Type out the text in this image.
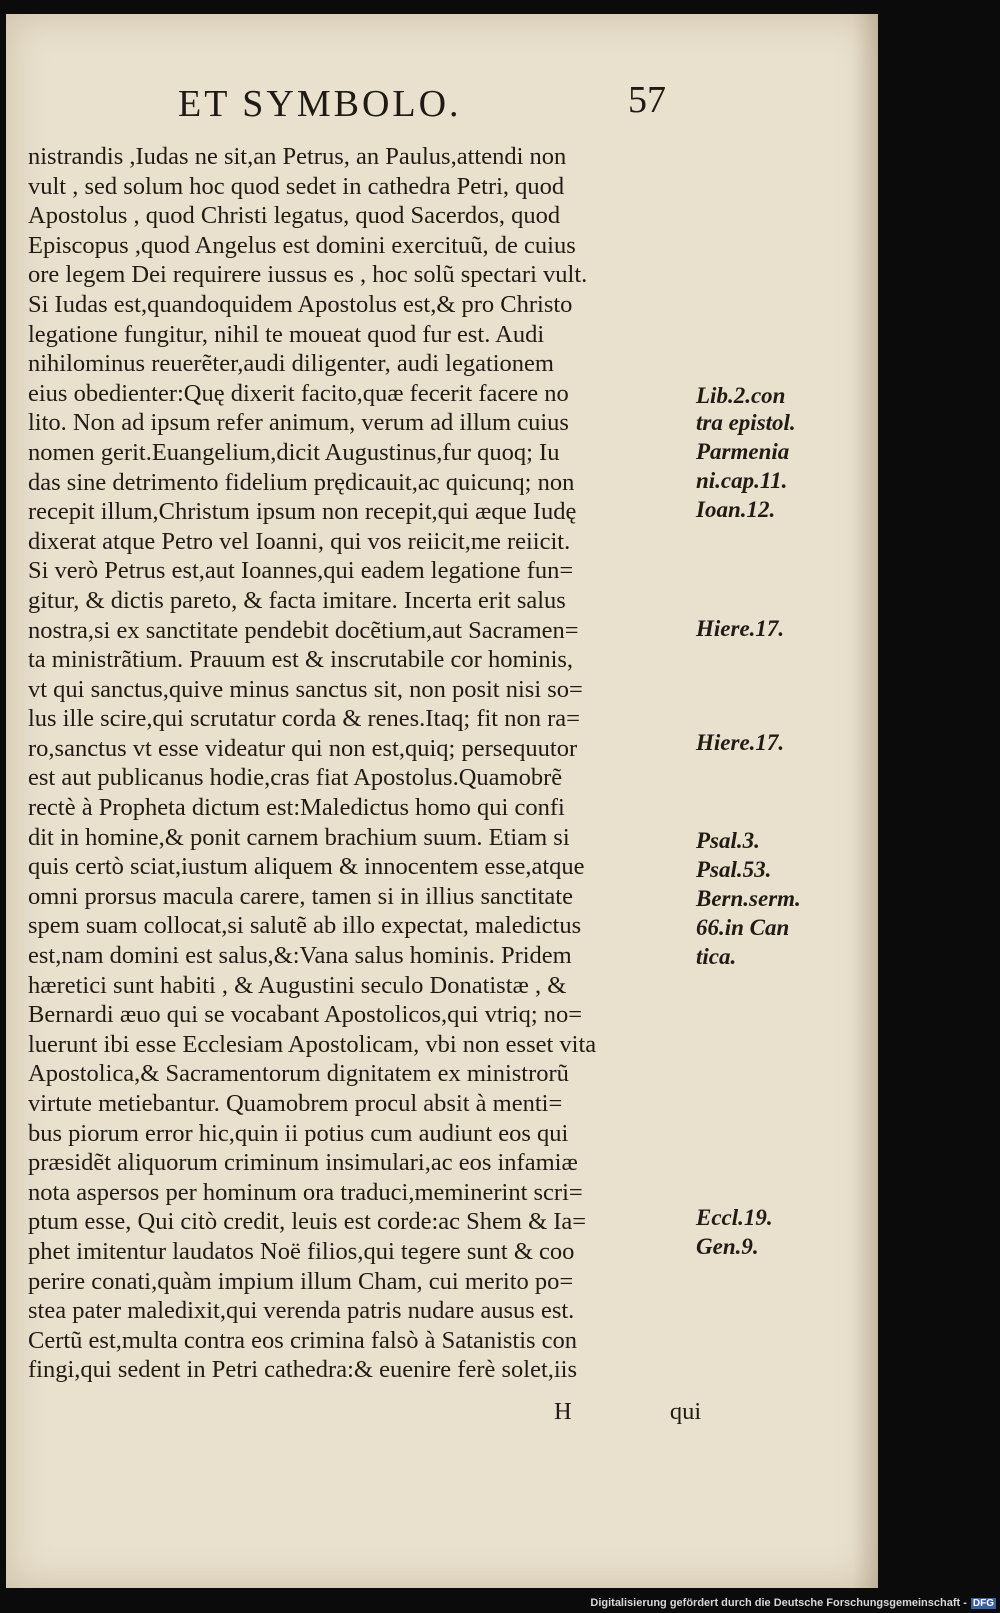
ET SYMBOLO.	57
nistrandis ,Iudas ne sit,an Petrus, an Paulus,attendi non
vult , sed solum hoc quod sedet in cathedra Petri, quod
Apostolus , quod Christi legatus, quod Sacerdos, quod
Episcopus ,quod Angelus est domini exercituũ, de cuius
ore legem Dei requirere iussus es , hoc solũ spectari vult.
Si Iudas est,quandoquidem Apostolus est,& pro Christo
legatione fungitur, nihil te moueat quod fur est. Audi
nihilominus reuerẽter,audi diligenter, audi legationem
eius obedienter:Quę dixerit facito,quæ fecerit facere no
lito. Non ad ipsum refer animum, verum ad illum cuius
nomen gerit.Euangelium,dicit Augustinus,fur quoq; Iu
das sine detrimento fidelium prędicauit,ac quicunq; non
recepit illum,Christum ipsum non recepit,qui æque Iudę
dixerat atque Petro vel Ioanni, qui vos reiicit,me reiicit.
Si verò Petrus est,aut Ioannes,qui eadem legatione fun=
gitur, & dictis pareto, & facta imitare. Incerta erit salus
nostra,si ex sanctitate pendebit docẽtium,aut Sacramen=
ta ministrãtium. Prauum est & inscrutabile cor hominis,
vt qui sanctus,quive minus sanctus sit, non posit nisi so=
lus ille scire,qui scrutatur corda & renes.Itaq; fit non ra=
ro,sanctus vt esse videatur qui non est,quiq; persequutor
est aut publicanus hodie,cras fiat Apostolus.Quamobrẽ
rectè à Propheta dictum est:Maledictus homo qui confi
dit in homine,& ponit carnem brachium suum. Etiam si
quis certò sciat,iustum aliquem & innocentem esse,atque
omni prorsus macula carere, tamen si in illius sanctitate
spem suam collocat,si salutẽ ab illo expectat, maledictus
est,nam domini est salus,&:Vana salus hominis. Pridem
hæretici sunt habiti , & Augustini seculo Donatistæ , &
Bernardi æuo qui se vocabant Apostolicos,qui vtriq; no=
luerunt ibi esse Ecclesiam Apostolicam, vbi non esset vita
Apostolica,& Sacramentorum dignitatem ex ministrorũ
virtute metiebantur. Quamobrem procul absit à menti=
bus piorum error hic,quin ii potius cum audiunt eos qui
præsidẽt aliquorum criminum insimulari,ac eos infamiæ
nota aspersos per hominum ora traduci,meminerint scri=
ptum esse, Qui citò credit, leuis est corde:ac Shem & Ia=
phet imitentur laudatos Noë filios,qui tegere sunt & coo
perire conati,quàm impium illum Cham, cui merito po=
stea pater maledixit,qui verenda patris nudare ausus est.
Certũ est,multa contra eos crimina falsò à Satanistis con
fingi,qui sedent in Petri cathedra:& euenire ferè solet,iis
H	qui
Lib.2.con
tra epistol.
Parmenia
ni.cap.11.
Ioan.12.
Hiere.17.
Hiere.17.
Psal.3.
Psal.53.
Bern.serm.
66.in Can
tica.
Eccl.19.
Gen.9.
Digitalisierung gefördert durch die Deutsche Forschungsgemeinschaft - DFG
